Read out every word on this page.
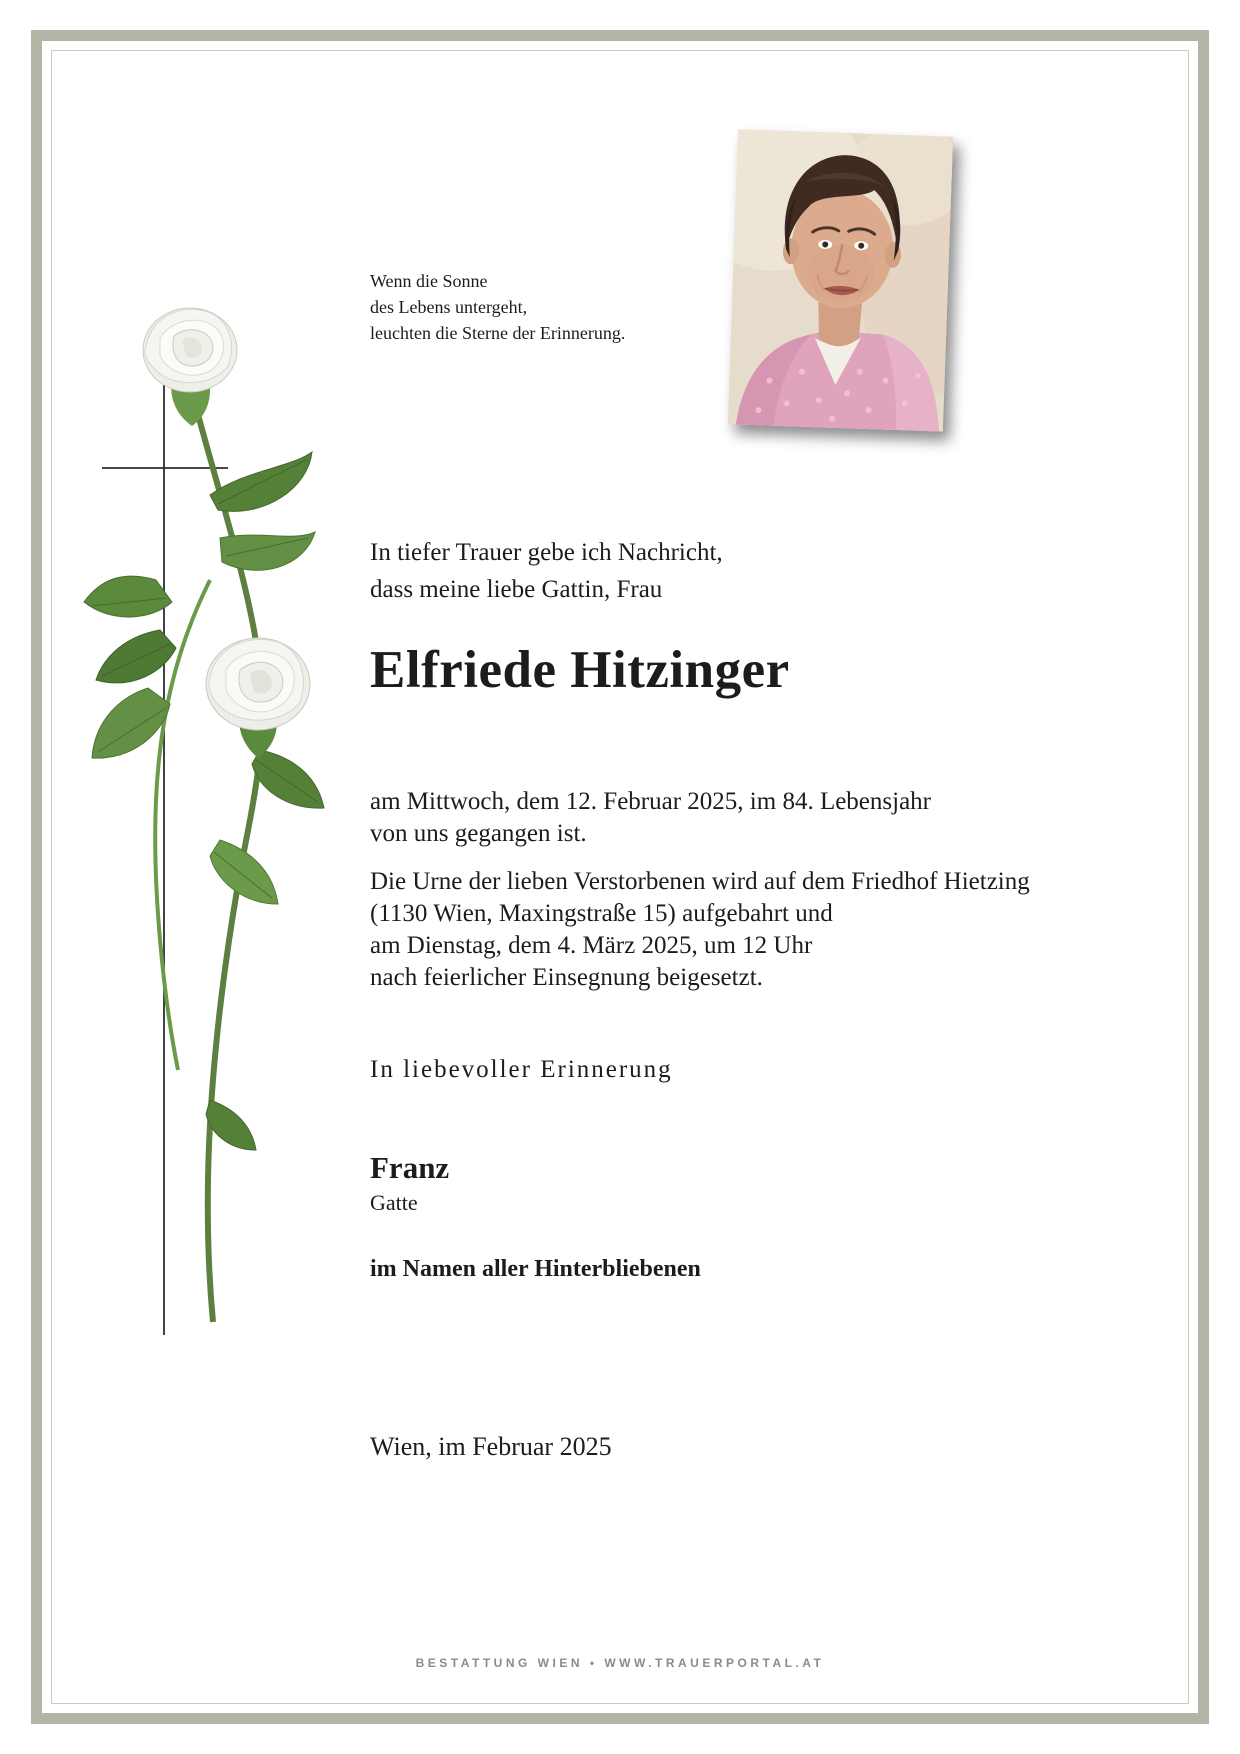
Wenn die Sonne
des Lebens untergeht,
leuchten die Sterne der Erinnerung.
In tiefer Trauer gebe ich Nachricht,
dass meine liebe Gattin, Frau
Elfriede Hitzinger
am Mittwoch, dem 12. Februar 2025, im 84. Lebensjahr
von uns gegangen ist.
Die Urne der lieben Verstorbenen wird auf dem Friedhof Hietzing
(1130 Wien, Maxingstraße 15) aufgebahrt und
am Dienstag, dem 4. März 2025, um 12 Uhr
nach feierlicher Einsegnung beigesetzt.
In liebevoller Erinnerung
Franz
Gatte
im Namen aller Hinterbliebenen
Wien, im Februar 2025
BESTATTUNG WIEN • WWW.TRAUERPORTAL.AT
